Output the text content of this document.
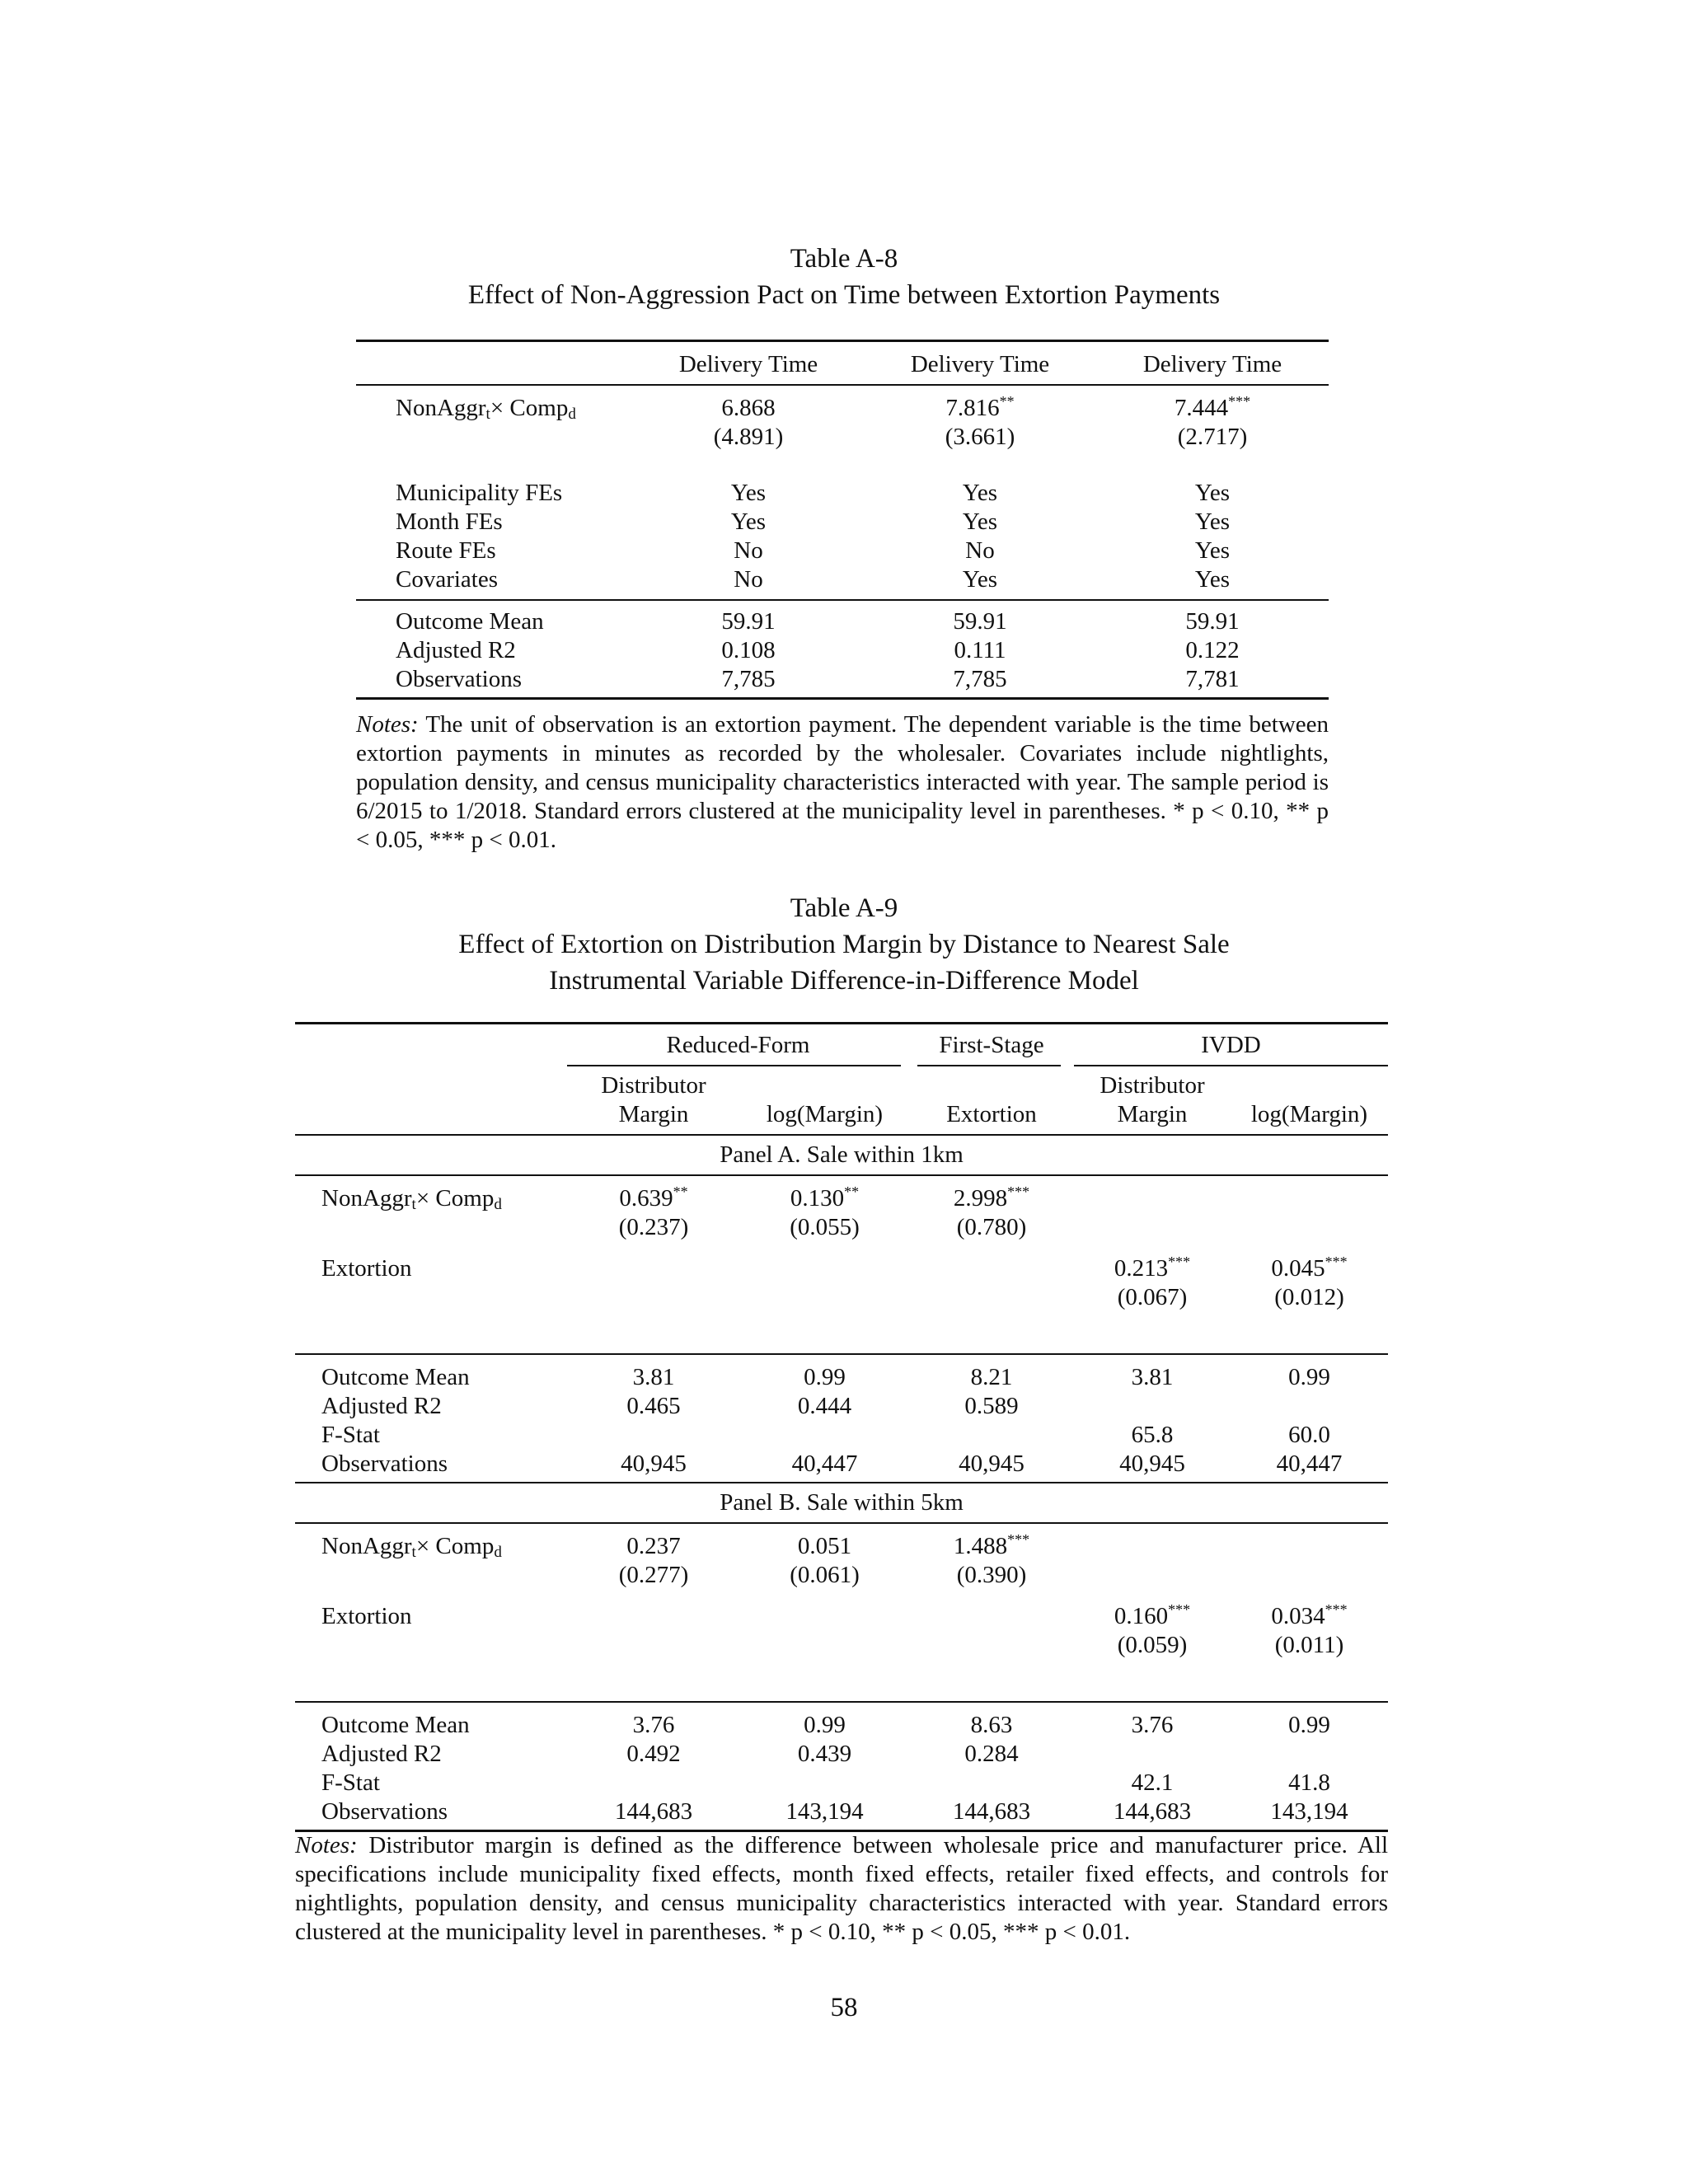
Table A-8
Effect of Non-Aggression Pact on Time between Extortion Payments
	Delivery Time	Delivery Time	Delivery Time
NonAggr$_t$× Comp$_d$	6.868	7.816**	7.444***
	(4.891)	(3.661)	(2.717)

Municipality FEs	Yes	Yes	Yes
Month FEs	Yes	Yes	Yes
Route FEs	No	No	Yes
Covariates	No	Yes	Yes
Outcome Mean	59.91	59.91	59.91
Adjusted R2	0.108	0.111	0.122
Observations	7,785	7,785	7,781
Notes: The unit of observation is an extortion payment. The dependent variable is the time between extortion payments in minutes as recorded by the wholesaler. Covariates include nightlights, population density, and census municipality characteristics interacted with year. The sample period is 6/2015 to 1/2018. Standard errors clustered at the municipality level in parentheses. * p < 0.10, ** p < 0.05, *** p < 0.01.
Table A-9
Effect of Extortion on Distribution Margin by Distance to Nearest Sale
Instrumental Variable Difference-in-Difference Model

	Reduced-Form		First-Stage	IVDD	

	Distributor			Distributor	
	Margin	log(Margin)	Extortion	Margin	log(Margin)
Panel A. Sale within 1km					
NonAggr$_t$× Comp$_d$	0.639**	0.130**	2.998***		
	(0.237)	(0.055)	(0.780)		
Extortion				0.213***	0.045***
				(0.067)	(0.012)

Outcome Mean	3.81	0.99	8.21	3.81	0.99
Adjusted R2	0.465	0.444	0.589		
F-Stat				65.8	60.0
Observations	40,945	40,447	40,945	40,945	40,447
Panel B. Sale within 5km					
NonAggr$_t$× Comp$_d$	0.237	0.051	1.488***		
	(0.277)	(0.061)	(0.390)		
Extortion				0.160***	0.034***
				(0.059)	(0.011)

Outcome Mean	3.76	0.99	8.63	3.76	0.99
Adjusted R2	0.492	0.439	0.284		
F-Stat				42.1	41.8
Observations	144,683	143,194	144,683	144,683	143,194
Notes: Distributor margin is defined as the difference between wholesale price and manufacturer price. All specifications include municipality fixed effects, month fixed effects, retailer fixed effects, and controls for nightlights, population density, and census municipality characteristics interacted with year. Standard errors clustered at the municipality level in parentheses. * p < 0.10, ** p < 0.05, *** p < 0.01.
58
